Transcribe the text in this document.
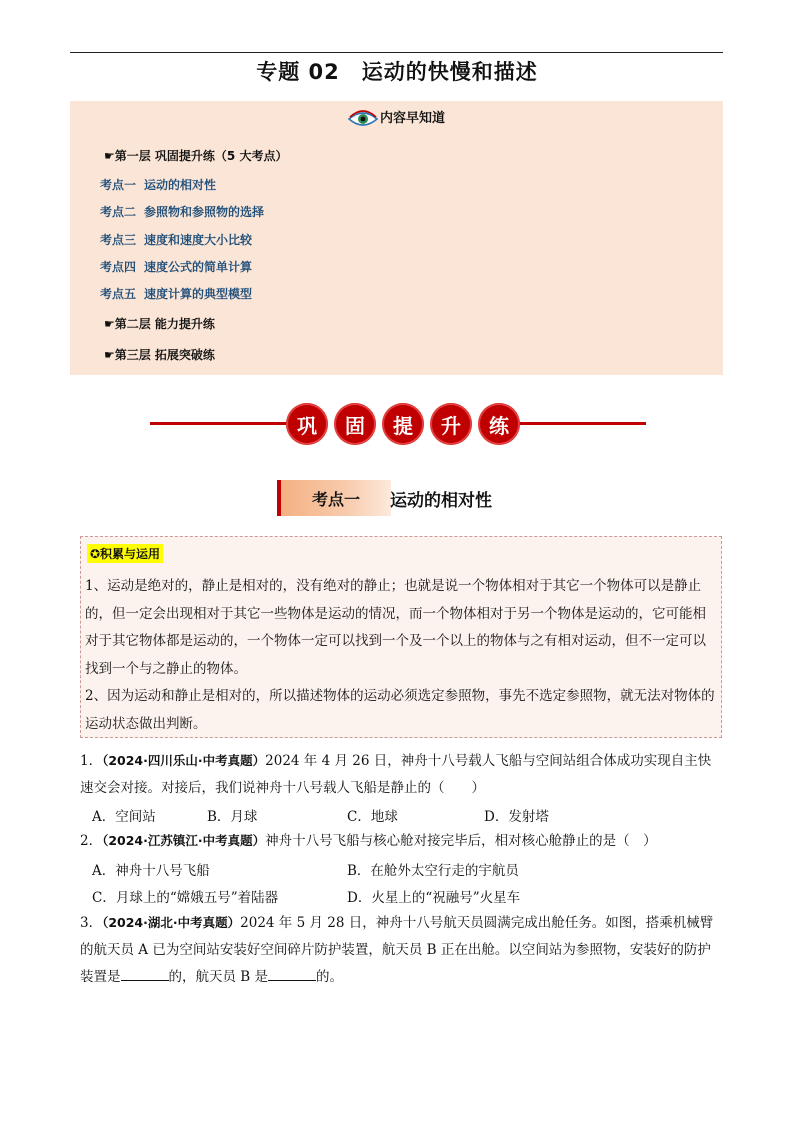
专题 02 运动的快慢和描述
内容早知道
☛第一层 巩固提升练（5 大考点）
考点一 运动的相对性
考点二 参照物和参照物的选择
考点三 速度和速度大小比较
考点四 速度公式的简单计算
考点五 速度计算的典型模型
☛第二层 能力提升练
☛第三层 拓展突破练
巩	固	提	升	练
考点一	运动的相对性
✪积累与运用
1、运动是绝对的，静止是相对的，没有绝对的静止；也就是说一个物体相对于其它一个物体可以是静止的，但一定会出现相对于其它一些物体是运动的情况，而一个物体相对于另一个物体是运动的，它可能相对于其它物体都是运动的，一个物体一定可以找到一个及一个以上的物体与之有相对运动，但不一定可以找到一个与之静止的物体。
2、因为运动和静止是相对的，所以描述物体的运动必须选定参照物，事先不选定参照物，就无法对物体的运动状态做出判断。
1．（2024·四川乐山·中考真题）2024 年 4 月 26 日，神舟十八号载人飞船与空间站组合体成功实现自主快速交会对接。对接后，我们说神舟十八号载人飞船是静止的（　　）
A．空间站	B．月球	C．地球	D．发射塔
2．（2024·江苏镇江·中考真题）神舟十八号飞船与核心舱对接完毕后，相对核心舱静止的是（　）
A．神舟十八号飞船	B．在舱外太空行走的宇航员
C．月球上的“嫦娥五号”着陆器	D．火星上的“祝融号”火星车
3．（2024·湖北·中考真题）2024 年 5 月 28 日，神舟十八号航天员圆满完成出舱任务。如图，搭乘机械臂的航天员 A 已为空间站安装好空间碎片防护装置，航天员 B 正在出舱。以空间站为参照物，安装好的防护装置是	的，航天员 B 是	的。
